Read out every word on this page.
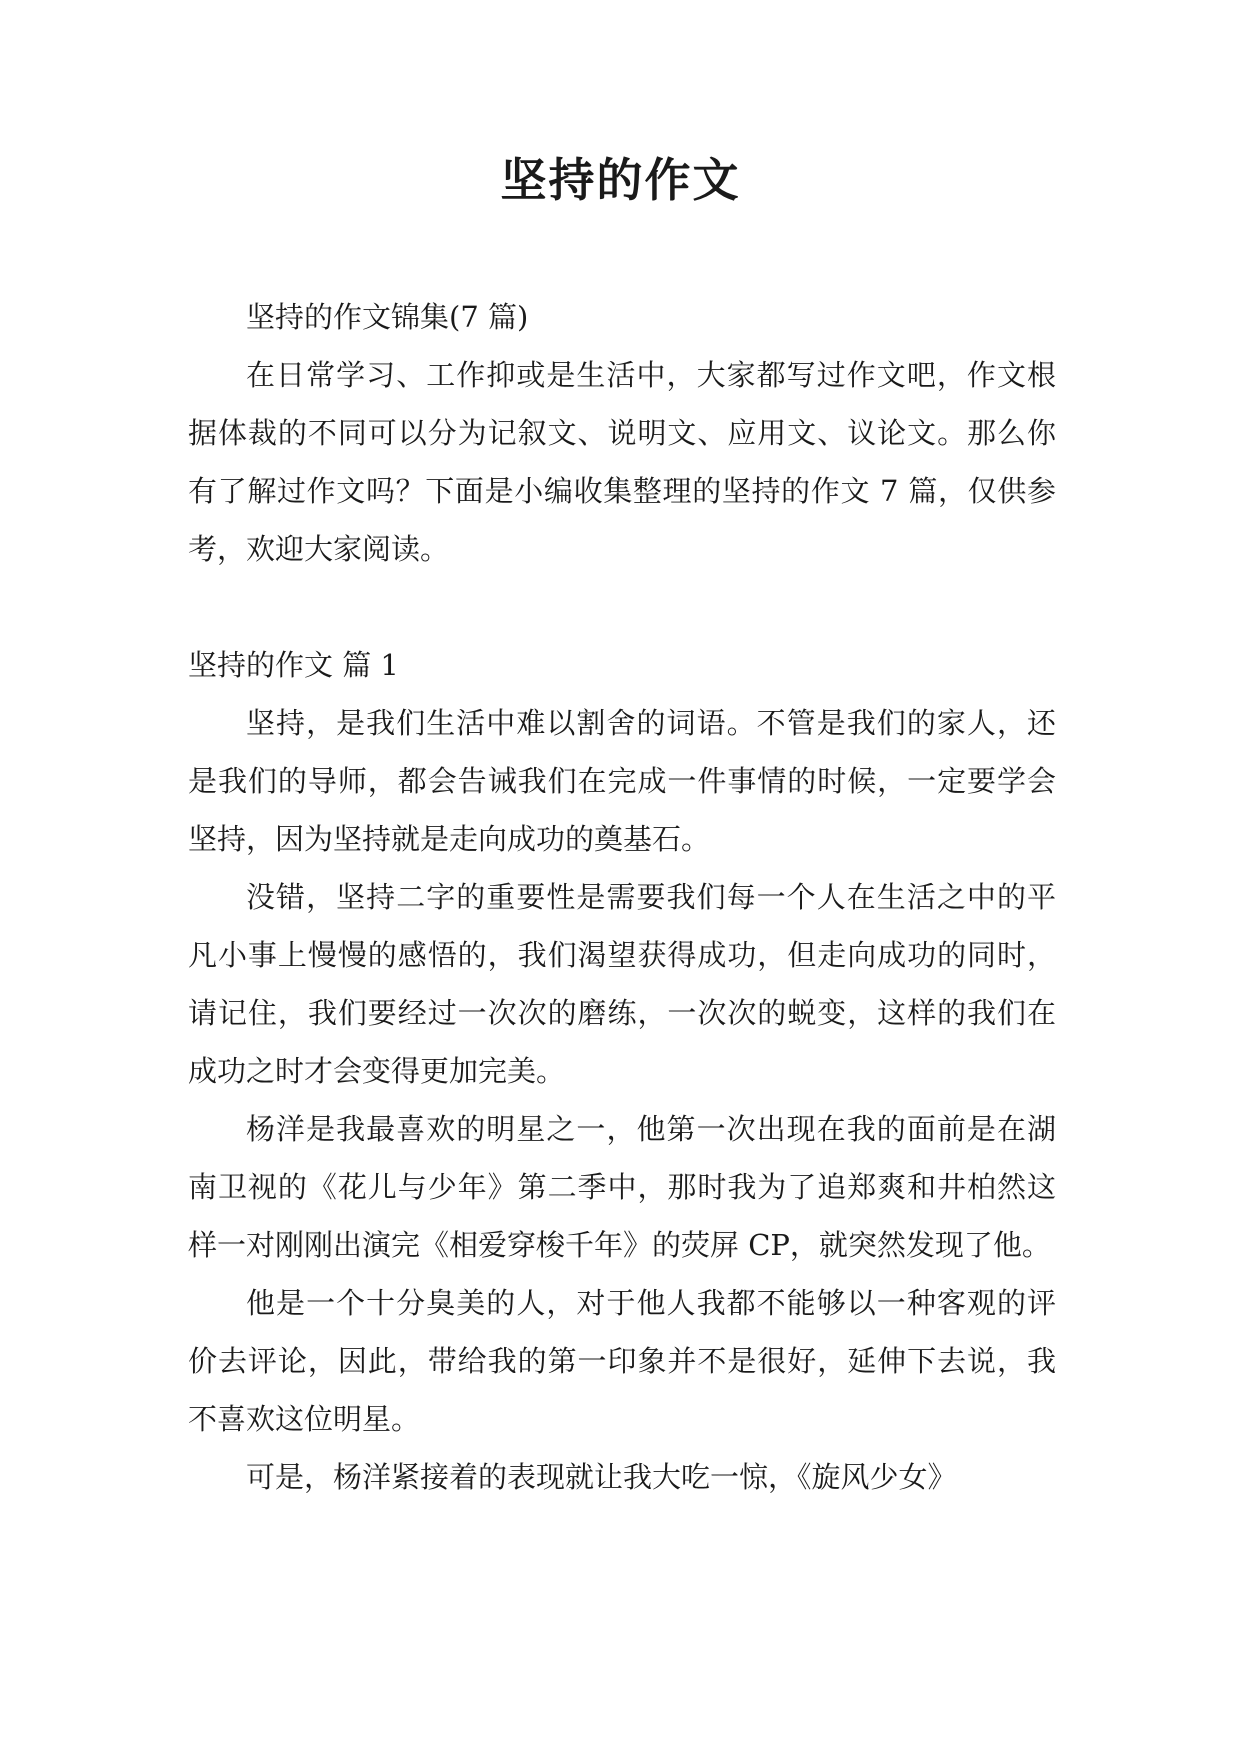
坚持的作文

坚持的作文锦集(7 篇)

在日常学习、工作抑或是生活中，大家都写过作文吧，作文根据体裁的不同可以分为记叙文、说明文、应用文、议论文。那么你有了解过作文吗？下面是小编收集整理的坚持的作文 7 篇，仅供参考，欢迎大家阅读。

坚持的作文 篇 1

坚持，是我们生活中难以割舍的词语。不管是我们的家人，还是我们的导师，都会告诫我们在完成一件事情的时候，一定要学会坚持，因为坚持就是走向成功的奠基石。

没错，坚持二字的重要性是需要我们每一个人在生活之中的平凡小事上慢慢的感悟的，我们渴望获得成功，但走向成功的同时，请记住，我们要经过一次次的磨练，一次次的蜕变，这样的我们在成功之时才会变得更加完美。

杨洋是我最喜欢的明星之一，他第一次出现在我的面前是在湖南卫视的《花儿与少年》第二季中，那时我为了追郑爽和井柏然这样一对刚刚出演完《相爱穿梭千年》的荧屏 CP，就突然发现了他。

他是一个十分臭美的人，对于他人我都不能够以一种客观的评价去评论，因此，带给我的第一印象并不是很好，延伸下去说，我不喜欢这位明星。

可是，杨洋紧接着的表现就让我大吃一惊，《旋风少女》
